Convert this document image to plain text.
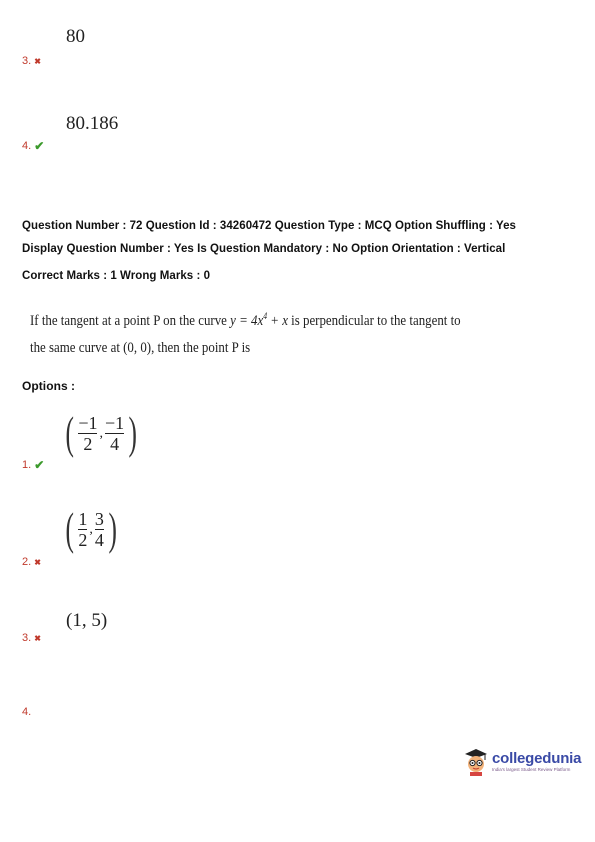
80
3. ✖
80.186
4. ✔
Question Number : 72 Question Id : 34260472 Question Type : MCQ Option Shuffling : Yes
Display Question Number : Yes Is Question Mandatory : No Option Orientation : Vertical
Correct Marks : 1 Wrong Marks : 0
If the tangent at a point P on the curve $y = 4x^4 + x$ is perpendicular to the tangent to
the same curve at (0, 0), then the point P is
Options :
( $\frac{-1}{2}$ , $\frac{-1}{4}$ )
1. ✔
( $\frac{1}{2}$ , $\frac{3}{4}$ )
2. ✖
(1, 5)
3. ✖
4.
collegedunia
India's largest Student Review Platform
